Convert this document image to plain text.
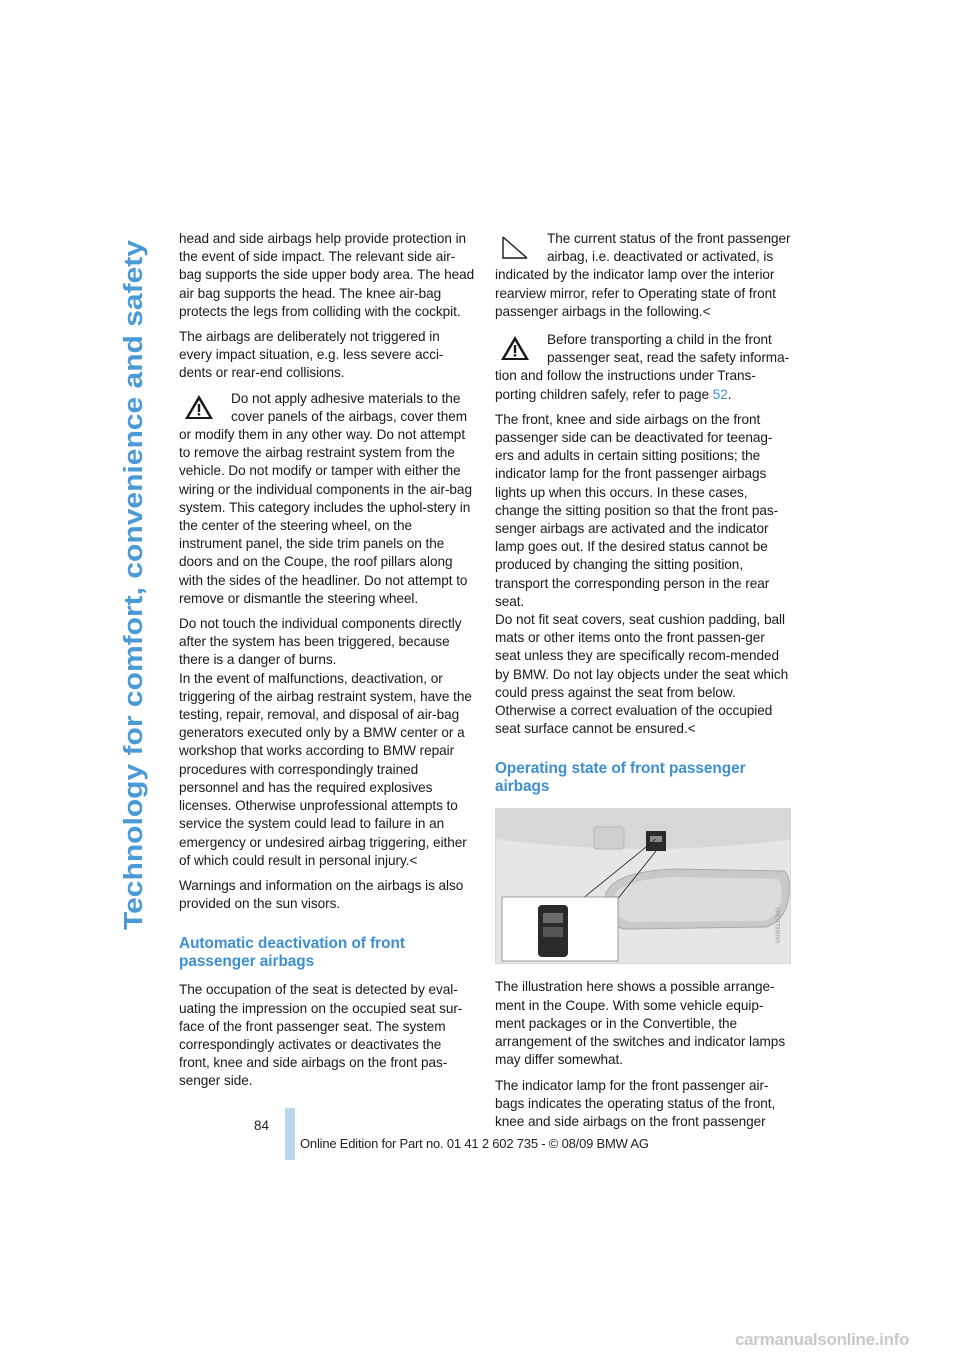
Technology for comfort, convenience and safety

head and side airbags help provide protection in the event of side impact. The relevant side air-bag supports the side upper body area. The head air bag supports the head. The knee air-bag protects the legs from colliding with the cockpit.

The airbags are deliberately not triggered in every impact situation, e.g. less severe acci-dents or rear-end collisions.

Do not apply adhesive materials to the cover panels of the airbags, cover them or modify them in any other way. Do not attempt to remove the airbag restraint system from the vehicle. Do not modify or tamper with either the wiring or the individual components in the air-bag system. This category includes the uphol-stery in the center of the steering wheel, on the instrument panel, the side trim panels on the doors and on the Coupe, the roof pillars along with the sides of the headliner. Do not attempt to remove or dismantle the steering wheel.

Do not touch the individual components directly after the system has been triggered, because there is a danger of burns.

In the event of malfunctions, deactivation, or triggering of the airbag restraint system, have the testing, repair, removal, and disposal of air-bag generators executed only by a BMW center or a workshop that works according to BMW repair procedures with correspondingly trained personnel and has the required explosives licenses. Otherwise unprofessional attempts to service the system could lead to failure in an emergency or undesired airbag triggering, either of which could result in personal injury.<

Warnings and information on the airbags is also provided on the sun visors.

Automatic deactivation of front passenger airbags

The occupation of the seat is detected by eval-uating the impression on the occupied seat sur-face of the front passenger seat. The system correspondingly activates or deactivates the front, knee and side airbags on the front pas-senger side.

The current status of the front passenger airbag, i.e. deactivated or activated, is indicated by the indicator lamp over the interior rearview mirror, refer to Operating state of front passenger airbags in the following.<
Before transporting a child in the front passenger seat, read the safety informa- tion and follow the instructions under Trans-porting children safely, refer to page 52.

The front, knee and side airbags on the front passenger side can be deactivated for teenag-ers and adults in certain sitting positions; the indicator lamp for the front passenger airbags lights up when this occurs. In these cases, change the sitting position so that the front pas-senger airbags are activated and the indicator lamp goes out. If the desired status cannot be produced by changing the sitting position, transport the corresponding person in the rear seat.

Do not fit seat covers, seat cushion padding, ball mats or other items onto the front passen-ger seat unless they are specifically recom-mended by BMW. Do not lay objects under the seat which could press against the seat from below. Otherwise a correct evaluation of the occupied seat surface cannot be ensured.<

Operating state of front passenger airbags
VA06611CMA

The illustration here shows a possible arrange-ment in the Coupe. With some vehicle equip-ment packages or in the Convertible, the arrangement of the switches and indicator lamps may differ somewhat.

The indicator lamp for the front passenger air-bags indicates the operating status of the front, knee and side airbags on the front passenger

84
Online Edition for Part no. 01 41 2 602 735 - © 08/09 BMW AG
carmanualsonline.info
